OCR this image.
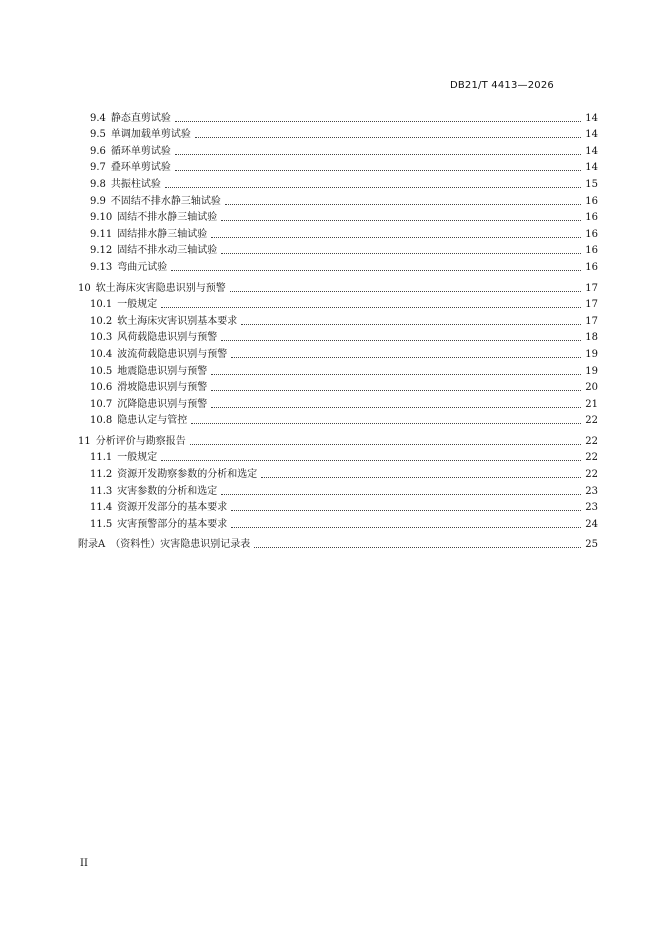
DB21/T 4413—2026
9.4 静态直剪试验	14
9.5 单调加载单剪试验	14
9.6 循环单剪试验	14
9.7 叠环单剪试验	14
9.8 共振柱试验	15
9.9 不固结不排水静三轴试验	16
9.10 固结不排水静三轴试验	16
9.11 固结排水静三轴试验	16
9.12 固结不排水动三轴试验	16
9.13 弯曲元试验	16
10 软土海床灾害隐患识别与预警	17
10.1 一般规定	17
10.2 软土海床灾害识别基本要求	17
10.3 风荷载隐患识别与预警	18
10.4 波流荷载隐患识别与预警	19
10.5 地震隐患识别与预警	19
10.6 滑坡隐患识别与预警	20
10.7 沉降隐患识别与预警	21
10.8 隐患认定与管控	22
11 分析评价与勘察报告	22
11.1 一般规定	22
11.2 资源开发勘察参数的分析和选定	22
11.3 灾害参数的分析和选定	23
11.4 资源开发部分的基本要求	23
11.5 灾害预警部分的基本要求	24
附录A （资料性）灾害隐患识别记录表	25
II
